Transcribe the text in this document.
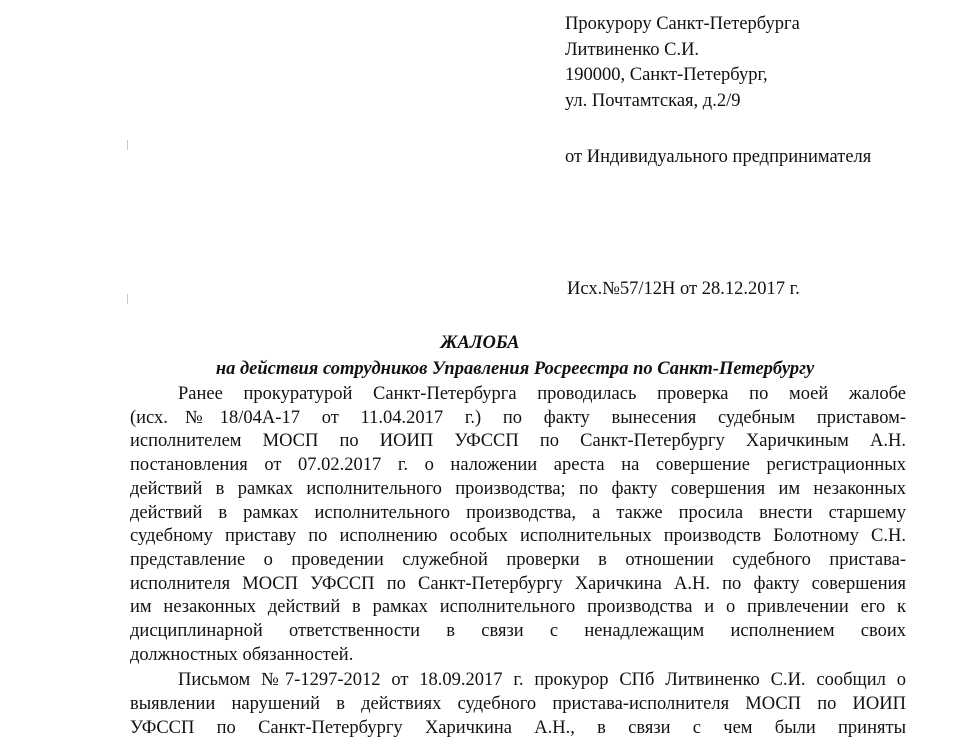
Прокурору Санкт-Петербурга
Литвиненко С.И.
190000, Санкт-Петербург,
ул. Почтамтская, д.2/9
от Индивидуального предпринимателя
Исх.№57/12Н от 28.12.2017 г.
ЖАЛОБА
на действия сотрудников Управления Росреестра по Санкт-Петербургу
Ранее прокуратурой Санкт-Петербурга проводилась проверка по моей жалобе
(исх.№18/04А-17 от 11.04.2017 г.) по факту вынесения судебным приставом-
исполнителем МОСП по ИОИП УФССП по Санкт-Петербургу Харичкиным А.Н.
постановления от 07.02.2017 г. о наложении ареста на совершение регистрационных
действий в рамках исполнительного производства; по факту совершения им незаконных
действий в рамках исполнительного производства, а также просила внести старшему
судебному приставу по исполнению особых исполнительных производств Болотному С.Н.
представление о проведении служебной проверки в отношении судебного пристава-
исполнителя МОСП УФССП по Санкт-Петербургу Харичкина А.Н. по факту совершения
им незаконных действий в рамках исполнительного производства и о привлечении его к
дисциплинарной ответственности в связи с ненадлежащим исполнением своих
должностных обязанностей.
Письмом №7-1297-2012 от 18.09.2017 г. прокурор СПб Литвиненко С.И. сообщил о
выявлении нарушений в действиях судебного пристава-исполнителя МОСП по ИОИП
УФССП по Санкт-Петербургу Харичкина А.Н., в связи с чем были приняты
